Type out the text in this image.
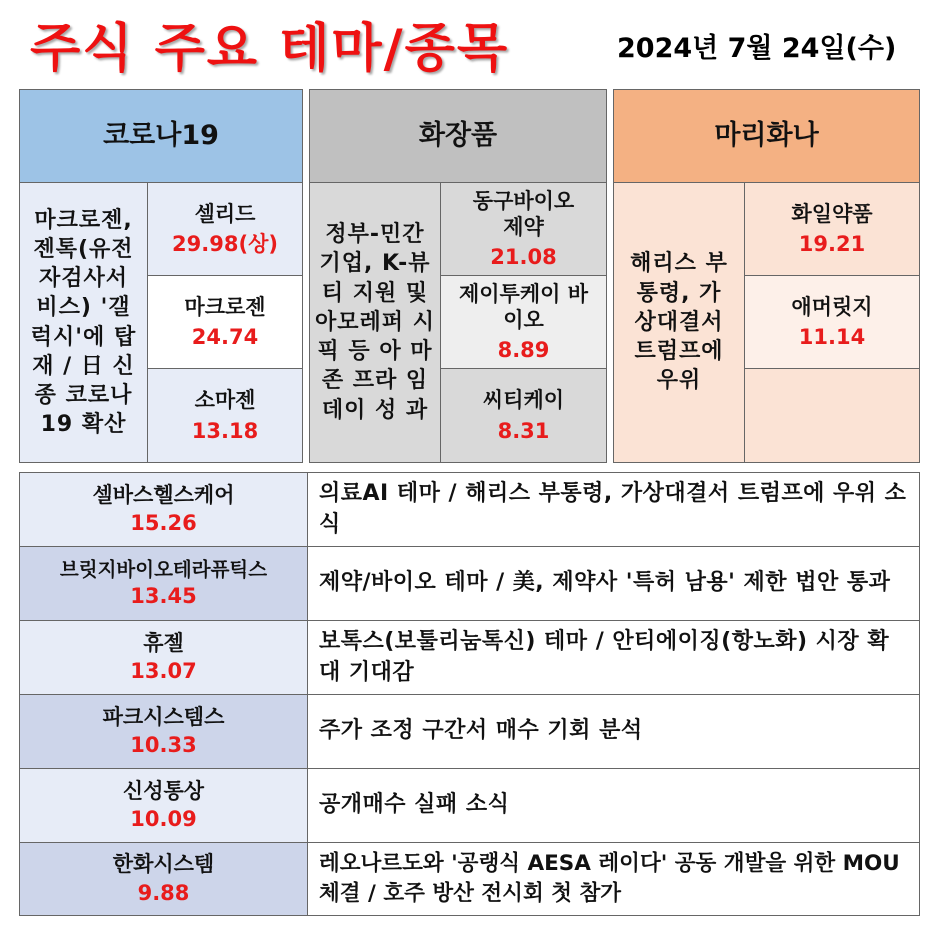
주식 주요 테마/종목	2024년 7월 24일(수)
코로나19
마크로젠, 젠톡(유전 자검사서 비스) '갤 럭시'에 탑 재 / 日 신 종 코로나 19 확산
셀리드
29.98(상)
마크로젠
24.74
소마젠
13.18
화장품
정부-민간 기업, K-뷰 티 지원 및 아모레퍼 시픽 등 아 마존 프라 임데이 성 과
동구바이오 제약
21.08
제이투케이 바이오
8.89
씨티케이
8.31
마리화나
해리스 부 통령, 가 상대결서 트럼프에 우위
화일약품
19.21
애머릿지
11.14
셀바스헬스케어
15.26
의료AI 테마 / 해리스 부통령, 가상대결서 트럼프에 우위 소식
브릿지바이오테라퓨틱스
13.45
제약/바이오 테마 / 美, 제약사 '특허 남용' 제한 법안 통과
휴젤
13.07
보톡스(보툴리눔톡신) 테마 / 안티에이징(항노화) 시장 확대 기대감
파크시스템스
10.33
주가 조정 구간서 매수 기회 분석
신성통상
10.09
공개매수 실패 소식
한화시스템
9.88
레오나르도와 '공랭식 AESA 레이다' 공동 개발을 위한 MOU 체결 / 호주 방산 전시회 첫 참가
